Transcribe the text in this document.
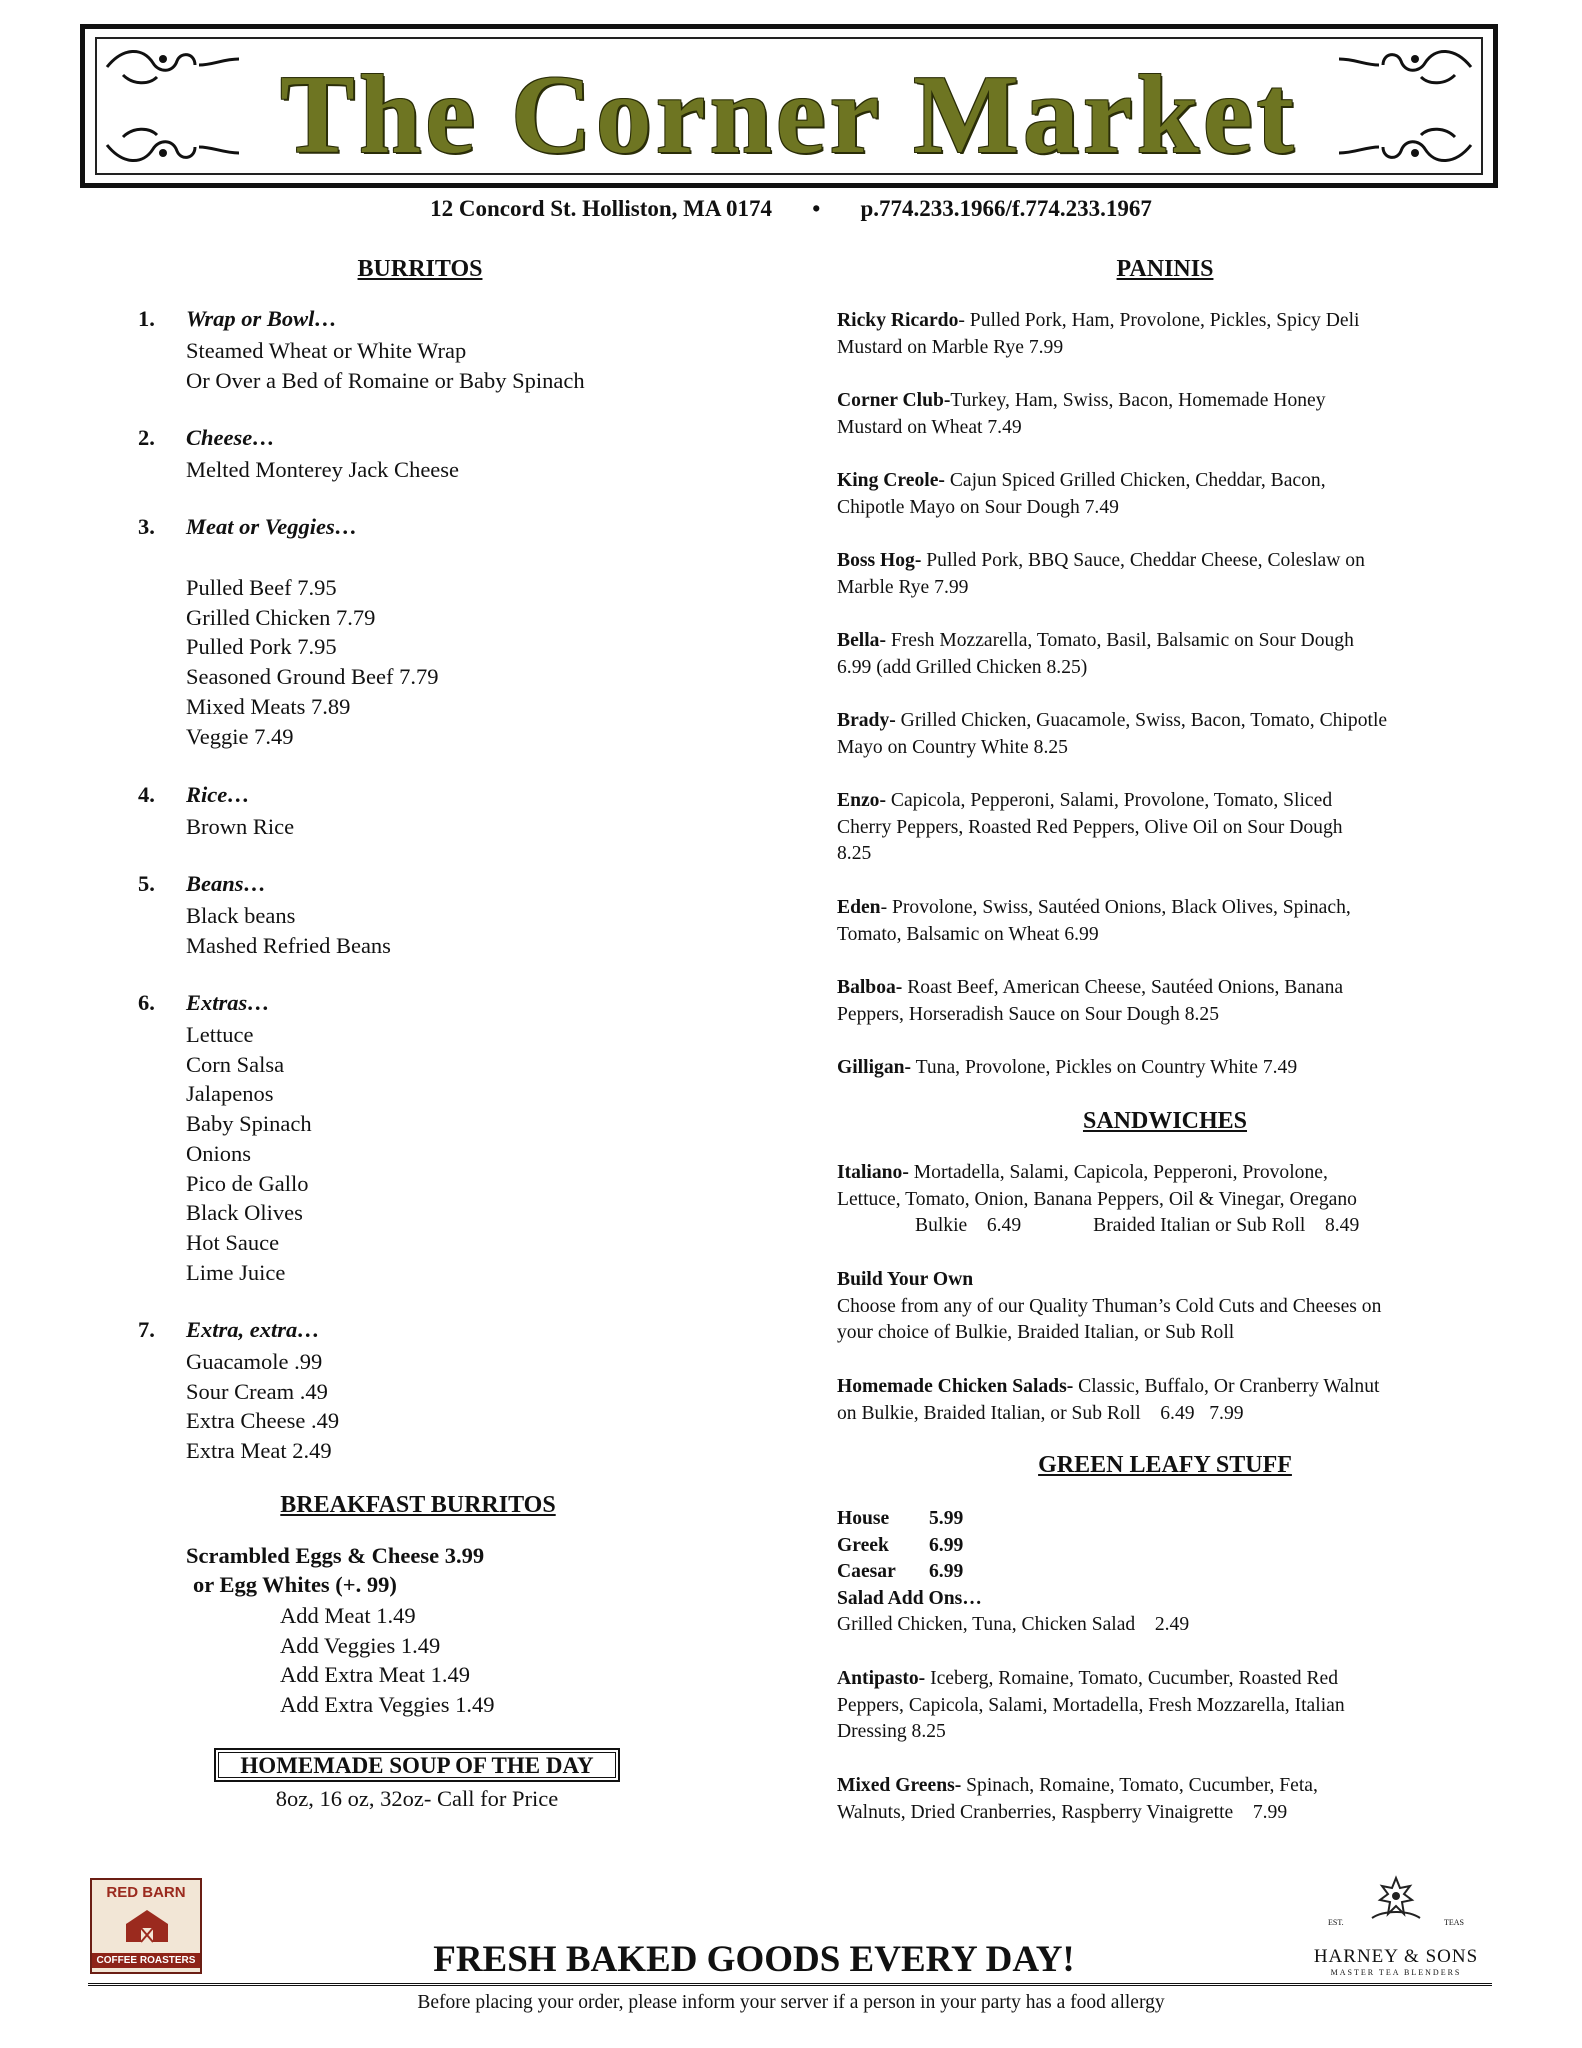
The Corner Market
12 Concord St. Holliston, MA 0174 • p.774.233.1966/f.774.233.1967
BURRITOS
1. Wrap or Bowl…
Steamed Wheat or White Wrap
Or Over a Bed of Romaine or Baby Spinach
2. Cheese…
Melted Monterey Jack Cheese
3. Meat or Veggies…
Pulled Beef 7.95
Grilled Chicken 7.79
Pulled Pork 7.95
Seasoned Ground Beef 7.79
Mixed Meats 7.89
Veggie 7.49
4. Rice…
Brown Rice
5. Beans…
Black beans
Mashed Refried Beans
6. Extras…
Lettuce
Corn Salsa
Jalapenos
Baby Spinach
Onions
Pico de Gallo
Black Olives
Hot Sauce
Lime Juice
7. Extra, extra…
Guacamole .99
Sour Cream .49
Extra Cheese .49
Extra Meat 2.49
BREAKFAST BURRITOS
Scrambled Eggs & Cheese 3.99
or Egg Whites (+. 99)
Add Meat 1.49
Add Veggies 1.49
Add Extra Meat 1.49
Add Extra Veggies 1.49
HOMEMADE SOUP OF THE DAY
8oz, 16 oz, 32oz- Call for Price
PANINIS
Ricky Ricardo- Pulled Pork, Ham, Provolone, Pickles, Spicy Deli
Mustard on Marble Rye 7.99
Corner Club-Turkey, Ham, Swiss, Bacon, Homemade Honey
Mustard on Wheat 7.49
King Creole- Cajun Spiced Grilled Chicken, Cheddar, Bacon,
Chipotle Mayo on Sour Dough 7.49
Boss Hog- Pulled Pork, BBQ Sauce, Cheddar Cheese, Coleslaw on
Marble Rye 7.99
Bella- Fresh Mozzarella, Tomato, Basil, Balsamic on Sour Dough
6.99 (add Grilled Chicken 8.25)
Brady- Grilled Chicken, Guacamole, Swiss, Bacon, Tomato, Chipotle
Mayo on Country White 8.25
Enzo- Capicola, Pepperoni, Salami, Provolone, Tomato, Sliced
Cherry Peppers, Roasted Red Peppers, Olive Oil on Sour Dough
8.25
Eden- Provolone, Swiss, Sautéed Onions, Black Olives, Spinach,
Tomato, Balsamic on Wheat 6.99
Balboa- Roast Beef, American Cheese, Sautéed Onions, Banana
Peppers, Horseradish Sauce on Sour Dough 8.25
Gilligan- Tuna, Provolone, Pickles on Country White 7.49
SANDWICHES
Italiano- Mortadella, Salami, Capicola, Pepperoni, Provolone,
Lettuce, Tomato, Onion, Banana Peppers, Oil & Vinegar, Oregano
Bulkie    6.49	Braided Italian or Sub Roll    8.49
Build Your Own
Choose from any of our Quality Thuman’s Cold Cuts and Cheeses on
your choice of Bulkie, Braided Italian, or Sub Roll
Homemade Chicken Salads- Classic, Buffalo, Or Cranberry Walnut
on Bulkie, Braided Italian, or Sub Roll    6.49   7.99
GREEN LEAFY STUFF
House 5.99
Greek 6.99
Caesar 6.99
Salad Add Ons…
Grilled Chicken, Tuna, Chicken Salad    2.49
Antipasto- Iceberg, Romaine, Tomato, Cucumber, Roasted Red
Peppers, Capicola, Salami, Mortadella, Fresh Mozzarella, Italian
Dressing 8.25
Mixed Greens- Spinach, Romaine, Tomato, Cucumber, Feta,
Walnuts, Dried Cranberries, Raspberry Vinaigrette    7.99
RED BARN
COFFEE ROASTERS
EST.	TEAS
HARNEY & SONS
MASTER TEA BLENDERS
FRESH BAKED GOODS EVERY DAY!
Before placing your order, please inform your server if a person in your party has a food allergy
